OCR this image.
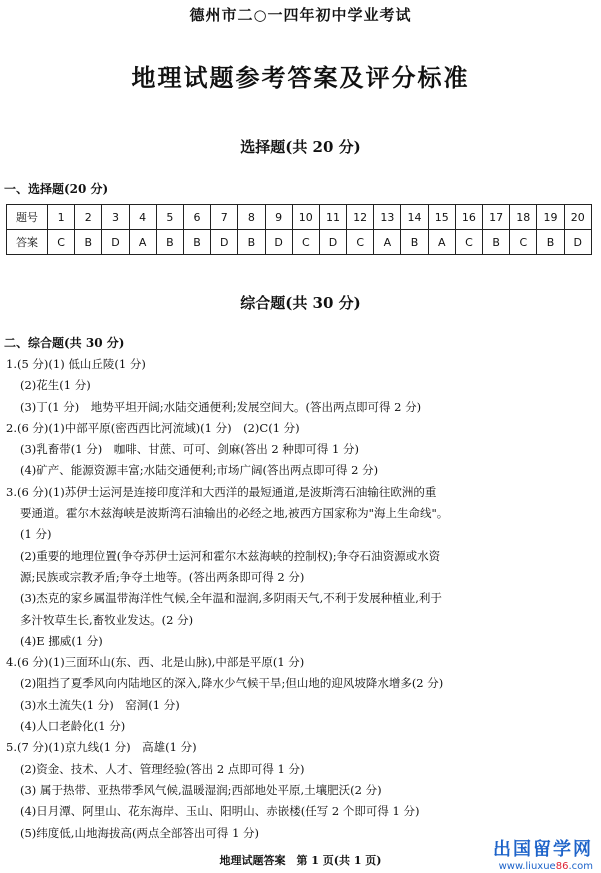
德州市二○一四年初中学业考试
地理试题参考答案及评分标准
选择题(共 20 分)
一、选择题(20 分)
题号	1	2	3	4	5	6	7	8	9	10	11	12	13	14	15	16	17	18	19	20
答案	C	B	D	A	B	B	D	B	D	C	D	C	A	B	A	C	B	C	B	D
综合题(共 30 分)
二、综合题(共 30 分)
1.(5 分)(1) 低山丘陵(1 分)
(2)花生(1 分)
(3)丁(1 分)　地势平坦开阔;水陆交通便利;发展空间大。(答出两点即可得 2 分)
2.(6 分)(1)中部平原(密西西比河流域)(1 分)　(2)C(1 分)
(3)乳畜带(1 分)　咖啡、甘蔗、可可、剑麻(答出 2 种即可得 1 分)
(4)矿产、能源资源丰富;水陆交通便利;市场广阔(答出两点即可得 2 分)
3.(6 分)(1)苏伊士运河是连接印度洋和大西洋的最短通道,是波斯湾石油输往欧洲的重
要通道。霍尔木兹海峡是波斯湾石油输出的必经之地,被西方国家称为"海上生命线"。
(1 分)
(2)重要的地理位置(争夺苏伊士运河和霍尔木兹海峡的控制权);争夺石油资源或水资
源;民族或宗教矛盾;争夺土地等。(答出两条即可得 2 分)
(3)杰克的家乡属温带海洋性气候,全年温和湿润,多阴雨天气,不利于发展种植业,利于
多汁牧草生长,畜牧业发达。(2 分)
(4)E 挪威(1 分)
4.(6 分)(1)三面环山(东、西、北是山脉),中部是平原(1 分)
(2)阻挡了夏季风向内陆地区的深入,降水少气候干旱;但山地的迎风坡降水增多(2 分)
(3)水土流失(1 分)　窑洞(1 分)
(4)人口老龄化(1 分)
5.(7 分)(1)京九线(1 分)　高雄(1 分)
(2)资金、技术、人才、管理经验(答出 2 点即可得 1 分)
(3) 属于热带、亚热带季风气候,温暖湿润;西部地处平原,土壤肥沃(2 分)
(4)日月潭、阿里山、花东海岸、玉山、阳明山、赤嵌楼(任写 2 个即可得 1 分)
(5)纬度低,山地海拔高(两点全部答出可得 1 分)
地理试题答案　第 1 页(共 1 页)
出国留学网
www.liuxue86.com
